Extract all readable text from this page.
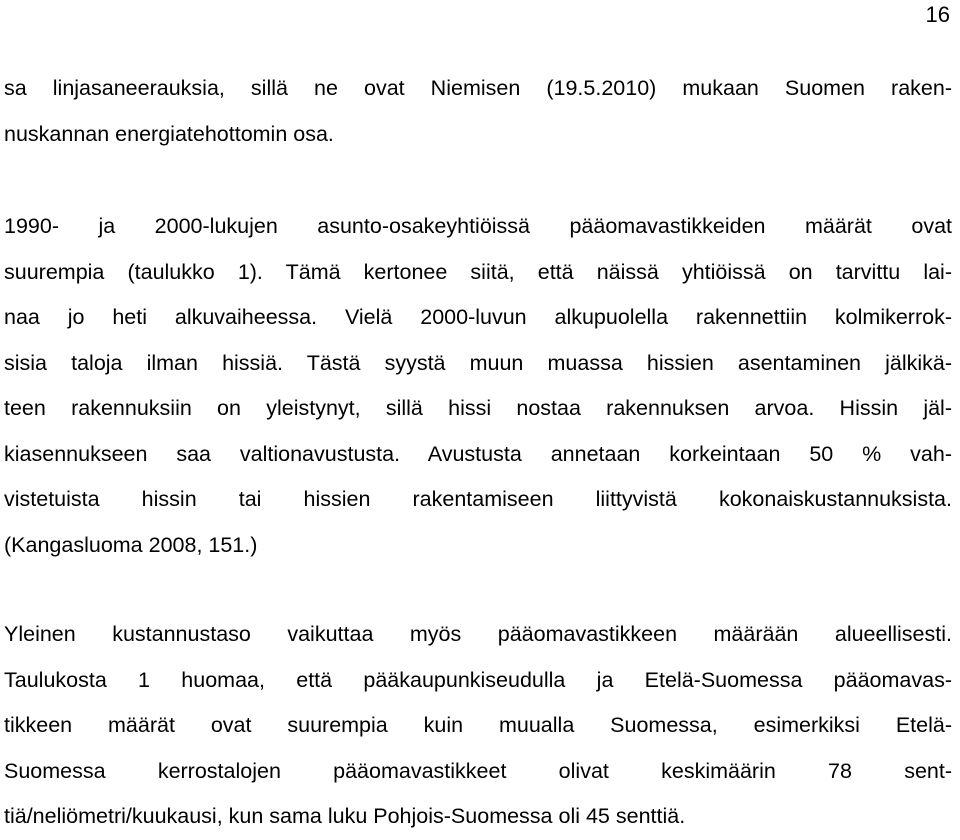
16
sa linjasaneerauksia, sillä ne ovat Niemisen (19.5.2010) mukaan Suomen raken-
nuskannan energiatehottomin osa.
1990- ja 2000-lukujen asunto-osakeyhtiöissä pääomavastikkeiden määrät ovat
suurempia (taulukko 1). Tämä kertonee siitä, että näissä yhtiöissä on tarvittu lai-
naa jo heti alkuvaiheessa. Vielä 2000-luvun alkupuolella rakennettiin kolmikerrok-
sisia taloja ilman hissiä. Tästä syystä muun muassa hissien asentaminen jälkikä-
teen rakennuksiin on yleistynyt, sillä hissi nostaa rakennuksen arvoa. Hissin jäl-
kiasennukseen saa valtionavustusta. Avustusta annetaan korkeintaan 50 % vah-
vistetuista hissin tai hissien rakentamiseen liittyvistä kokonaiskustannuksista.
(Kangasluoma 2008, 151.)
Yleinen kustannustaso vaikuttaa myös pääomavastikkeen määrään alueellisesti.
Taulukosta 1 huomaa, että pääkaupunkiseudulla ja Etelä-Suomessa pääomavas-
tikkeen määrät ovat suurempia kuin muualla Suomessa, esimerkiksi Etelä-
Suomessa kerrostalojen pääomavastikkeet olivat keskimäärin 78 sent-
tiä/neliömetri/kuukausi, kun sama luku Pohjois-Suomessa oli 45 senttiä.
